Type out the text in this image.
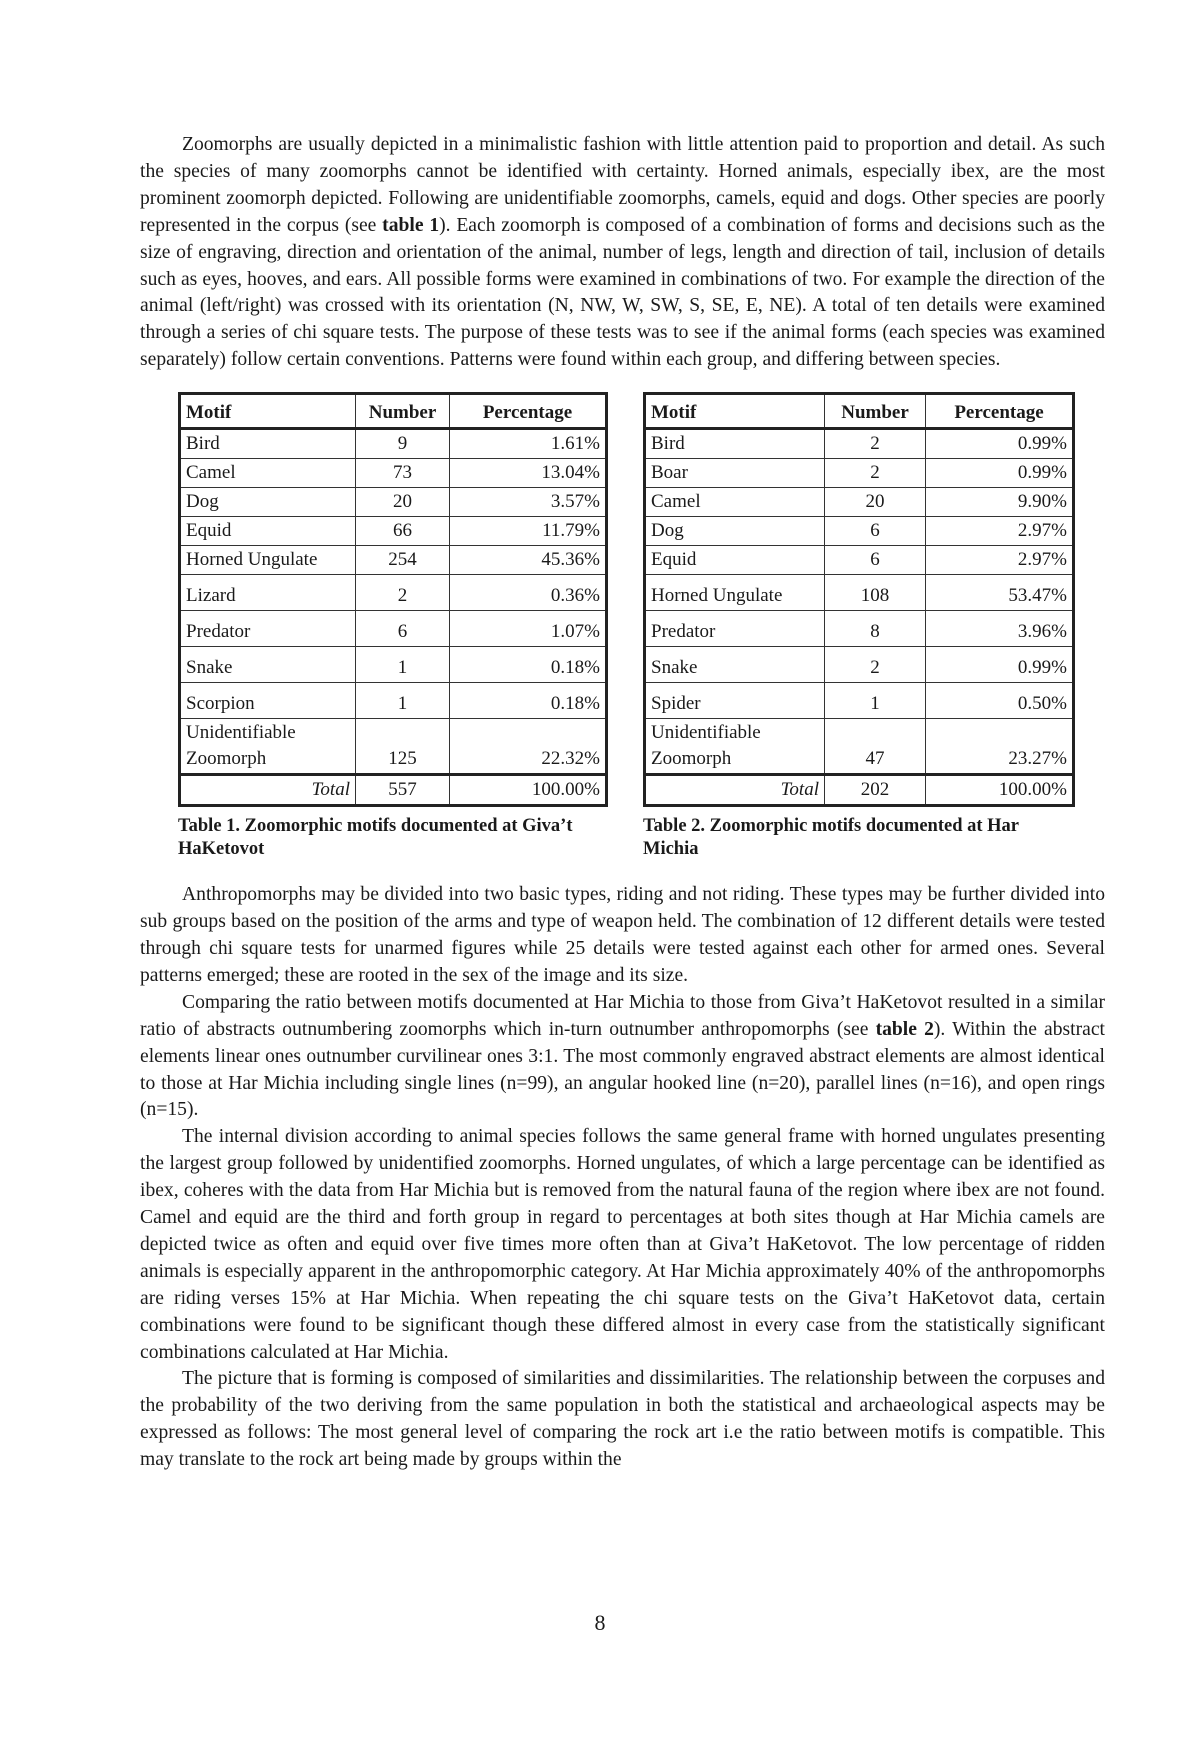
Zoomorphs are usually depicted in a minimalistic fashion with little attention paid to proportion and detail. As such the species of many zoomorphs cannot be identified with certainty. Horned animals, especially ibex, are the most prominent zoomorph depicted. Following are unidentifiable zoomorphs, camels, equid and dogs. Other species are poorly represented in the corpus (see table 1). Each zoomorph is composed of a combination of forms and decisions such as the size of engraving, direction and orientation of the animal, number of legs, length and direction of tail, inclusion of details such as eyes, hooves, and ears. All possible forms were examined in combinations of two. For example the direction of the animal (left/right) was crossed with its orientation (N, NW, W, SW, S, SE, E, NE). A total of ten details were examined through a series of chi square tests. The purpose of these tests was to see if the animal forms (each species was examined separately) follow certain conventions. Patterns were found within each group, and differing between species.

Motif	Number	Percentage
Bird	9	1.61%
Camel	73	13.04%
Dog	20	3.57%
Equid	66	11.79%
Horned Ungulate	254	45.36%
Lizard	2	0.36%
Predator	6	1.07%
Snake	1	0.18%
Scorpion	1	0.18%

Unidentifiable
Zoomorph	125	22.32%
Total	557	100.00%
Table 1. Zoomorphic motifs documented at Giva’t HaKetovot
Motif	Number	Percentage
Bird	2	0.99%
Boar	2	0.99%
Camel	20	9.90%
Dog	6	2.97%
Equid	6	2.97%
Horned Ungulate	108	53.47%
Predator	8	3.96%
Snake	2	0.99%
Spider	1	0.50%

Unidentifiable
Zoomorph	47	23.27%
Total	202	100.00%
Table 2. Zoomorphic motifs documented at Har Michia

Anthropomorphs may be divided into two basic types, riding and not riding. These types may be further divided into sub groups based on the position of the arms and type of weapon held. The combination of 12 different details were tested through chi square tests for unarmed figures while 25 details were tested against each other for armed ones. Several patterns emerged; these are rooted in the sex of the image and its size.

Comparing the ratio between motifs documented at Har Michia to those from Giva’t HaKetovot resulted in a similar ratio of abstracts outnumbering zoomorphs which in-turn outnumber anthropomorphs (see table 2). Within the abstract elements linear ones outnumber curvilinear ones 3:1. The most commonly engraved abstract elements are almost identical to those at Har Michia including single lines (n=99), an angular hooked line (n=20), parallel lines (n=16), and open rings (n=15).

The internal division according to animal species follows the same general frame with horned ungulates presenting the largest group followed by unidentified zoomorphs. Horned ungulates, of which a large percentage can be identified as ibex, coheres with the data from Har Michia but is removed from the natural fauna of the region where ibex are not found. Camel and equid are the third and forth group in regard to percentages at both sites though at Har Michia camels are depicted twice as often and equid over five times more often than at Giva’t HaKetovot. The low percentage of ridden animals is especially apparent in the anthropomorphic category. At Har Michia approximately 40% of the anthropomorphs are riding verses 15% at Har Michia. When repeating the chi square tests on the Giva’t HaKetovot data, certain combinations were found to be significant though these differed almost in every case from the statistically significant combinations calculated at Har Michia.

The picture that is forming is composed of similarities and dissimilarities. The relationship between the corpuses and the probability of the two deriving from the same population in both the statistical and archaeological aspects may be expressed as follows: The most general level of comparing the rock art i.e the ratio between motifs is compatible. This may translate to the rock art being made by groups within the

8
